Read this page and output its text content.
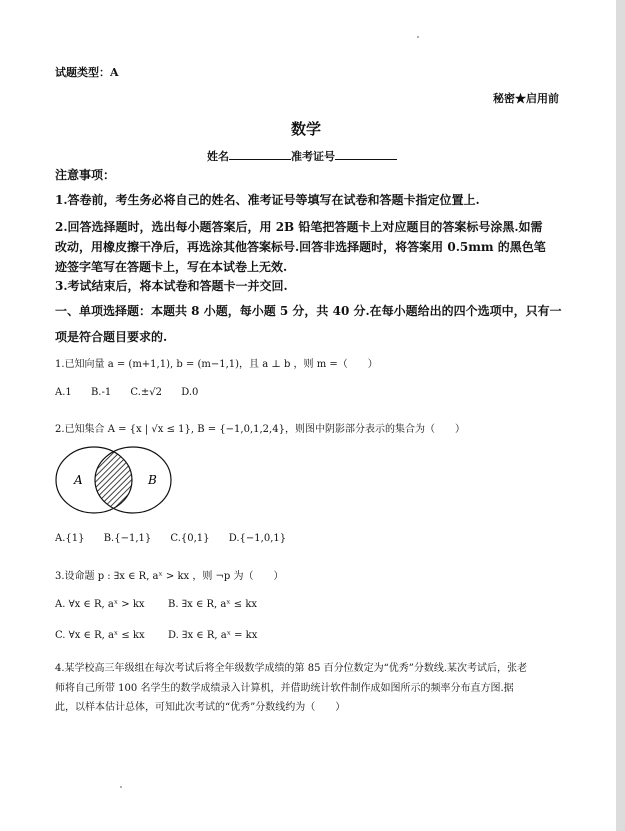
试题类型：A
秘密★启用前
数学
姓名	准考证号
注意事项：
1.答卷前，考生务必将自己的姓名、准考证号等填写在试卷和答题卡指定位置上.
2.回答选择题时，选出每小题答案后，用 2B 铅笔把答题卡上对应题目的答案标号涂黑.如需
改动，用橡皮擦干净后，再选涂其他答案标号.回答非选择题时，将答案用 0.5mm 的黑色笔
迹签字笔写在答题卡上，写在本试卷上无效.
3.考试结束后，将本试卷和答题卡一并交回.
一、单项选择题：本题共 8 小题，每小题 5 分，共 40 分.在每小题给出的四个选项中，只有一
项是符合题目要求的.
1.已知向量 a = (m+1,1), b = (m−1,1)，且 a ⊥ b ，则 m =（　　）
A.1 B.-1 C.±√2 D.0
2.已知集合 A = {x | √x ≤ 1}, B = {−1,0,1,2,4}，则图中阴影部分表示的集合为（　　）
A	B
A.{1} B.{−1,1} C.{0,1} D.{−1,0,1}
3.设命题 p : ∃x ∈ R, aˣ > kx ，则 ¬p 为（　　）
A. ∀x ∈ R, aˣ > kx B. ∃x ∈ R, aˣ ≤ kx
C. ∀x ∈ R, aˣ ≤ kx D. ∃x ∈ R, aˣ = kx
4.某学校高三年级组在每次考试后将全年级数学成绩的第 85 百分位数定为“优秀”分数线.某次考试后，张老
师将自己所带 100 名学生的数学成绩录入计算机，并借助统计软件制作成如图所示的频率分布直方图.据
此，以样本估计总体，可知此次考试的“优秀”分数线约为（　　）
